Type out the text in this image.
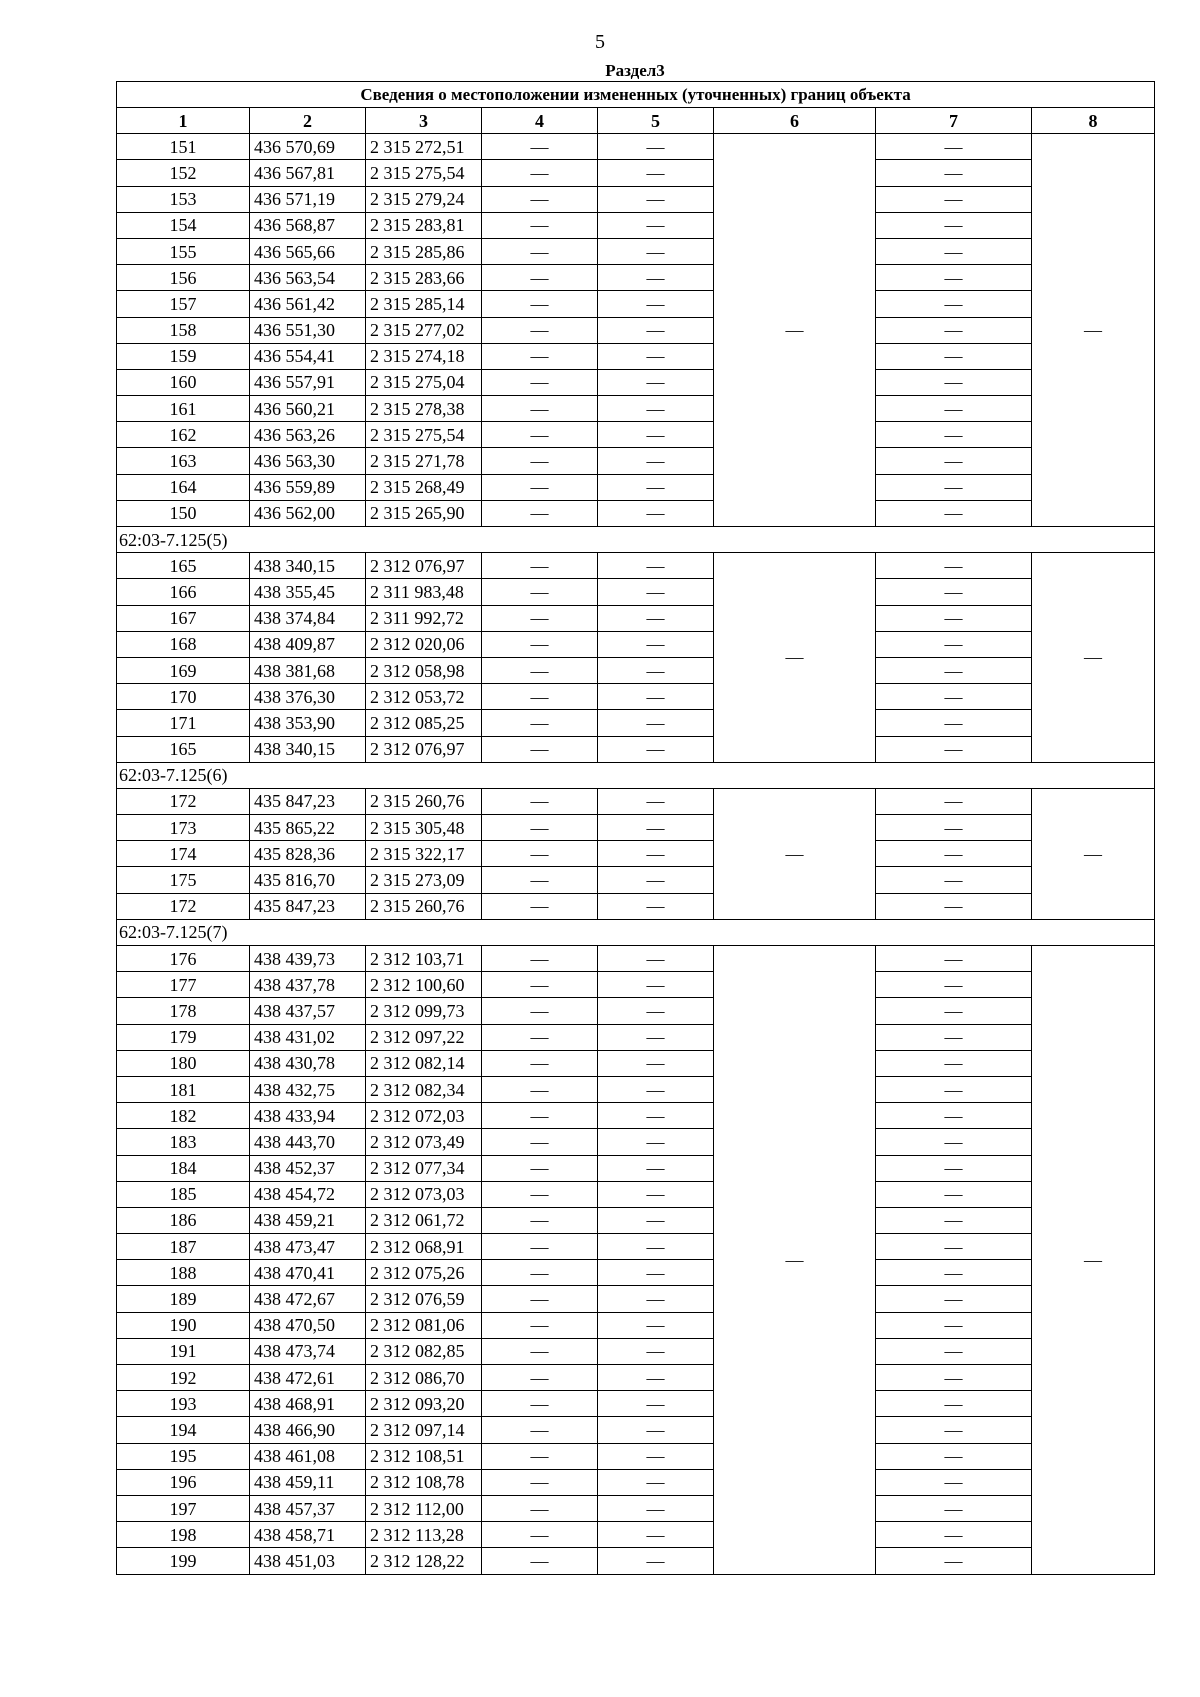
5
Раздел3
Сведения о местоположении измененных (уточненных) границ объекта							
1	2	3	4	5	6	7	8
151	436 570,69	2 315 272,51	—	—	—	—	—
152	436 567,81	2 315 275,54	—	—		—	
153	436 571,19	2 315 279,24	—	—		—	
154	436 568,87	2 315 283,81	—	—		—	
155	436 565,66	2 315 285,86	—	—		—	
156	436 563,54	2 315 283,66	—	—		—	
157	436 561,42	2 315 285,14	—	—		—	
158	436 551,30	2 315 277,02	—	—		—	
159	436 554,41	2 315 274,18	—	—		—	
160	436 557,91	2 315 275,04	—	—		—	
161	436 560,21	2 315 278,38	—	—		—	
162	436 563,26	2 315 275,54	—	—		—	
163	436 563,30	2 315 271,78	—	—		—	
164	436 559,89	2 315 268,49	—	—		—	
150	436 562,00	2 315 265,90	—	—		—	
62:03-7.125(5)							
165	438 340,15	2 312 076,97	—	—	—	—	—
166	438 355,45	2 311 983,48	—	—		—	
167	438 374,84	2 311 992,72	—	—		—	
168	438 409,87	2 312 020,06	—	—		—	
169	438 381,68	2 312 058,98	—	—		—	
170	438 376,30	2 312 053,72	—	—		—	
171	438 353,90	2 312 085,25	—	—		—	
165	438 340,15	2 312 076,97	—	—		—	
62:03-7.125(6)							
172	435 847,23	2 315 260,76	—	—	—	—	—
173	435 865,22	2 315 305,48	—	—		—	
174	435 828,36	2 315 322,17	—	—		—	
175	435 816,70	2 315 273,09	—	—		—	
172	435 847,23	2 315 260,76	—	—		—	
62:03-7.125(7)							
176	438 439,73	2 312 103,71	—	—	—	—	—
177	438 437,78	2 312 100,60	—	—		—	
178	438 437,57	2 312 099,73	—	—		—	
179	438 431,02	2 312 097,22	—	—		—	
180	438 430,78	2 312 082,14	—	—		—	
181	438 432,75	2 312 082,34	—	—		—	
182	438 433,94	2 312 072,03	—	—		—	
183	438 443,70	2 312 073,49	—	—		—	
184	438 452,37	2 312 077,34	—	—		—	
185	438 454,72	2 312 073,03	—	—		—	
186	438 459,21	2 312 061,72	—	—		—	
187	438 473,47	2 312 068,91	—	—		—	
188	438 470,41	2 312 075,26	—	—		—	
189	438 472,67	2 312 076,59	—	—		—	
190	438 470,50	2 312 081,06	—	—		—	
191	438 473,74	2 312 082,85	—	—		—	
192	438 472,61	2 312 086,70	—	—		—	
193	438 468,91	2 312 093,20	—	—		—	
194	438 466,90	2 312 097,14	—	—		—	
195	438 461,08	2 312 108,51	—	—		—	
196	438 459,11	2 312 108,78	—	—		—	
197	438 457,37	2 312 112,00	—	—		—	
198	438 458,71	2 312 113,28	—	—		—	
199	438 451,03	2 312 128,22	—	—		—	
